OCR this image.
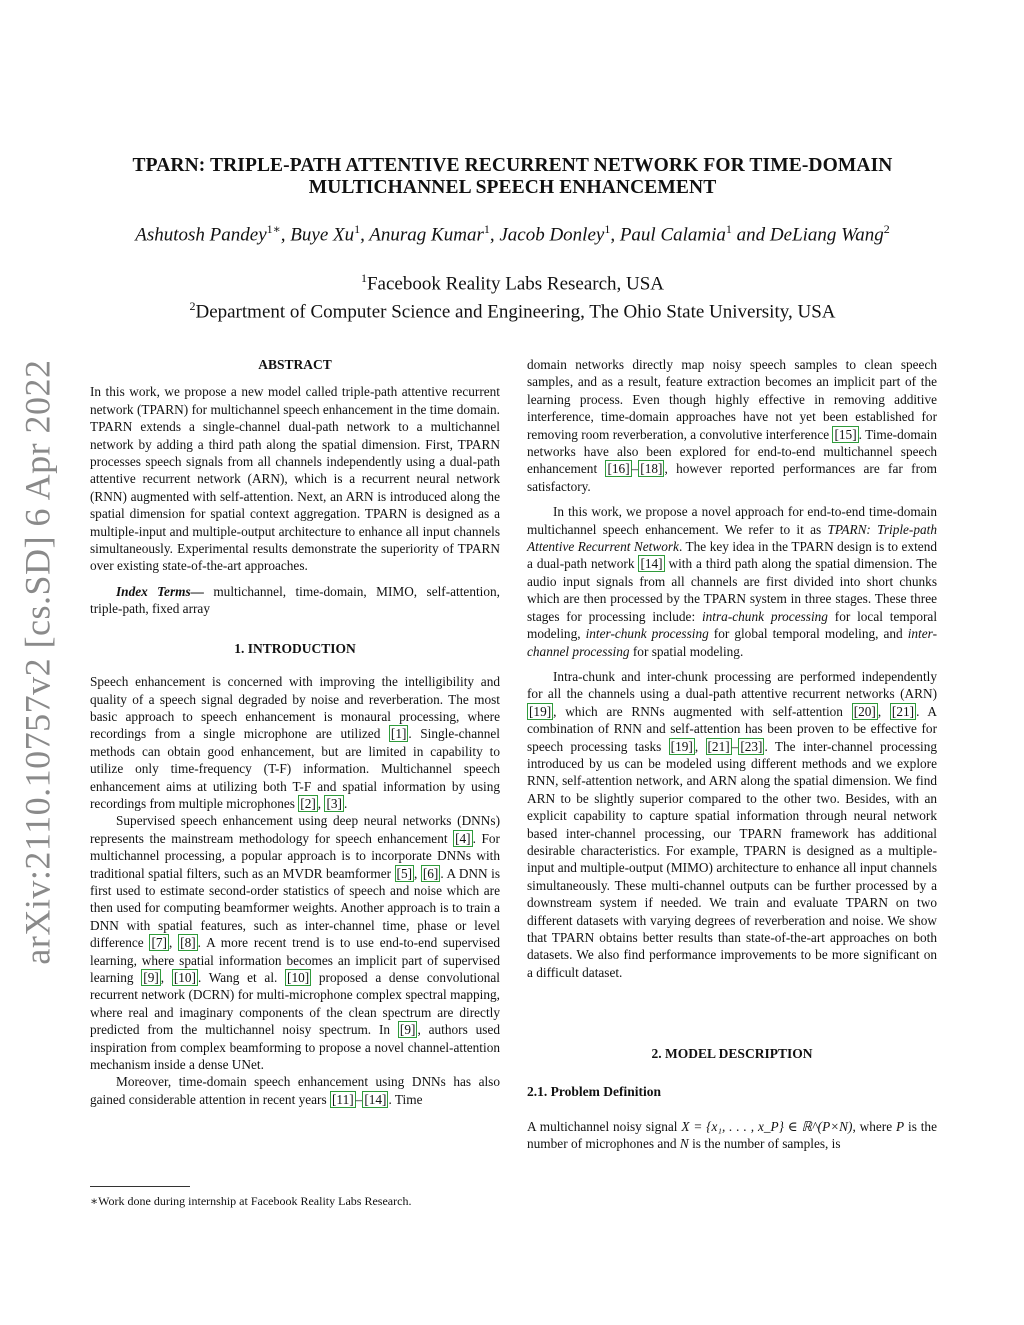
arXiv:2110.10757v2 [cs.SD] 6 Apr 2022
TPARN: TRIPLE-PATH ATTENTIVE RECURRENT NETWORK FOR TIME-DOMAIN
MULTICHANNEL SPEECH ENHANCEMENT
Ashutosh Pandey$^{1∗}$, Buye Xu$^1$, Anurag Kumar$^1$, Jacob Donley$^1$, Paul Calamia$^1$ and DeLiang Wang$^2$
$^1$Facebook Reality Labs Research, USA
$^2$Department of Computer Science and Engineering, The Ohio State University, USA
ABSTRACT

In this work, we propose a new model called triple-path attentive recurrent network (TPARN) for multichannel speech enhancement in the time domain. TPARN extends a single-channel dual-path network to a multichannel network by adding a third path along the spatial dimension. First, TPARN processes speech signals from all channels independently using a dual-path attentive recurrent network (ARN), which is a recurrent neural network (RNN) augmented with self-attention. Next, an ARN is introduced along the spatial dimension for spatial context aggregation. TPARN is designed as a multiple-input and multiple-output architecture to enhance all input channels simultaneously. Experimental results demonstrate the superiority of TPARN over existing state-of-the-art approaches.

Index Terms— multichannel, time-domain, MIMO, self-attention, triple-path, fixed array

1. INTRODUCTION

Speech enhancement is concerned with improving the intelligibility and quality of a speech signal degraded by noise and reverberation. The most basic approach to speech enhancement is monaural processing, where recordings from a single microphone are utilized [1] . Single-channel methods can obtain good enhancement, but are limited in capability to utilize only time-frequency (T-F) information. Multichannel speech enhancement aims at utilizing both T-F and spatial information by using recordings from multiple microphones [2] , [3] .

Supervised speech enhancement using deep neural networks (DNNs) represents the mainstream methodology for speech enhancement [4] . For multichannel processing, a popular approach is to incorporate DNNs with traditional spatial filters, such as an MVDR beamformer [5] , [6] . A DNN is first used to estimate second-order statistics of speech and noise which are then used for computing beamformer weights. Another approach is to train a DNN with spatial features, such as inter-channel time, phase or level difference [7] , [8] . A more recent trend is to use end-to-end supervised learning, where spatial information becomes an implicit part of supervised learning [9] , [10] . Wang et al. [10] proposed a dense convolutional recurrent network (DCRN) for multi-microphone complex spectral mapping, where real and imaginary components of the clean spectrum are directly predicted from the multichannel noisy spectrum. In [9] , authors used inspiration from complex beamforming to propose a novel channel-attention mechanism inside a dense UNet.

Moreover, time-domain speech enhancement using DNNs has also gained considerable attention in recent years [11] – [14] . Time

∗Work done during internship at Facebook Reality Labs Research.

domain networks directly map noisy speech samples to clean speech samples, and as a result, feature extraction becomes an implicit part of the learning process. Even though highly effective in removing additive interference, time-domain approaches have not yet been established for removing room reverberation, a convolutive interference [15] . Time-domain networks have also been explored for end-to-end multichannel speech enhancement [16] – [18] , however reported performances are far from satisfactory.

In this work, we propose a novel approach for end-to-end time-domain multichannel speech enhancement. We refer to it as TPARN: Triple-path Attentive Recurrent Network. The key idea in the TPARN design is to extend a dual-path network [14] with a third path along the spatial dimension. The audio input signals from all channels are first divided into short chunks which are then processed by the TPARN system in three stages. These three stages for processing include: intra-chunk processing for local temporal modeling, inter-chunk processing for global temporal modeling, and inter-channel processing for spatial modeling.

Intra-chunk and inter-chunk processing are performed independently for all the channels using a dual-path attentive recurrent networks (ARN) [19] , which are RNNs augmented with self-attention [20] , [21] . A combination of RNN and self-attention has been proven to be effective for speech processing tasks [19] , [21] – [23] . The inter-channel processing introduced by us can be modeled using different methods and we explore RNN, self-attention network, and ARN along the spatial dimension. We find ARN to be slightly superior compared to the other two. Besides, with an explicit capability to capture spatial information through neural network based inter-channel processing, our TPARN framework has additional desirable characteristics. For example, TPARN is designed as a multiple-input and multiple-output (MIMO) architecture to enhance all input channels simultaneously. These multi-channel outputs can be further processed by a downstream system if needed. We train and evaluate TPARN on two different datasets with varying degrees of reverberation and noise. We show that TPARN obtains better results than state-of-the-art approaches on both datasets. We also find performance improvements to be more significant on a difficult dataset.

2. MODEL DESCRIPTION
2.1. Problem Definition

A multichannel noisy signal X = {x₁, . . . , x_P} ∈ ℝ^(P×N), where P is the number of microphones and N is the number of samples, is
